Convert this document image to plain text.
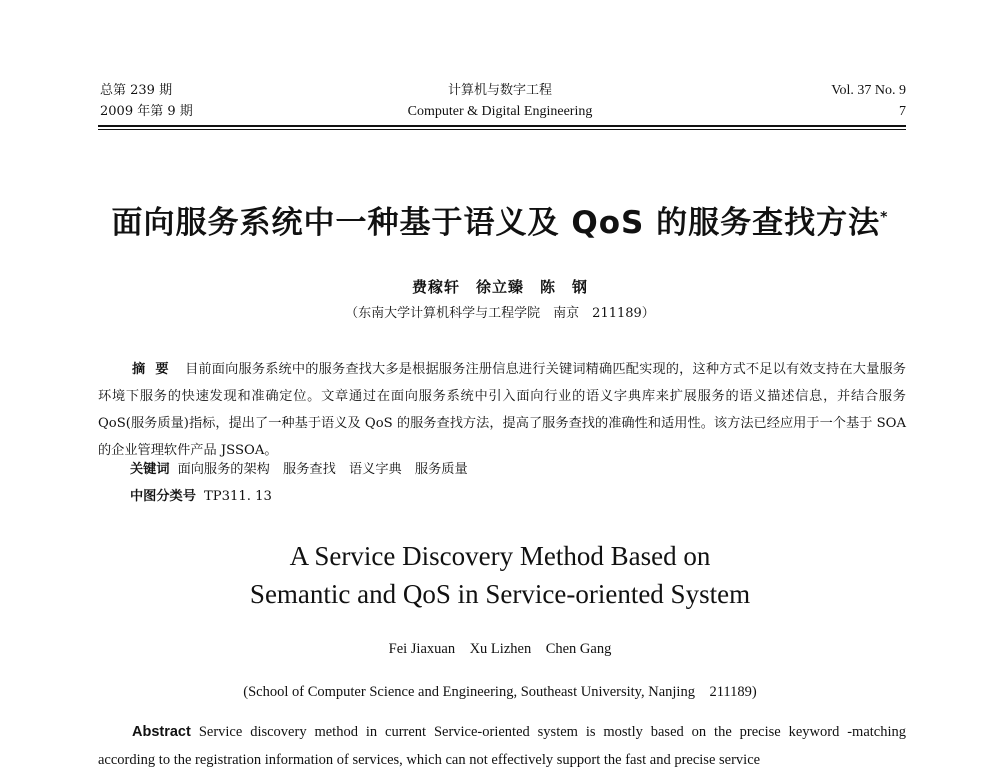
总第 239 期
2009 年第 9 期
计算机与数字工程
Computer & Digital Engineering
Vol. 37 No. 9
7
面向服务系统中一种基于语义及 QoS 的服务查找方法*
费稼轩　徐立臻　陈　钢
（东南大学计算机科学与工程学院　南京　211189）
摘要 目前面向服务系统中的服务查找大多是根据服务注册信息进行关键词精确匹配实现的，这种方式不足以有效支持在大量服务环境下服务的快速发现和准确定位。文章通过在面向服务系统中引入面向行业的语义字典库来扩展服务的语义描述信息，并结合服务 QoS(服务质量)指标，提出了一种基于语义及 QoS 的服务查找方法，提高了服务查找的准确性和适用性。该方法已经应用于一个基于 SOA 的企业管理软件产品 JSSOA。
关键词 面向服务的架构　服务查找　语义字典　服务质量
中图分类号 TP311. 13
A Service Discovery Method Based on
Semantic and QoS in Service-oriented System
Fei Jiaxuan　Xu Lizhen　Chen Gang
(School of Computer Science and Engineering, Southeast University, Nanjing　211189)
Abstract Service discovery method in current Service-oriented system is mostly based on the precise keyword -matching according to the registration information of services, which can not effectively support the fast and precise service
